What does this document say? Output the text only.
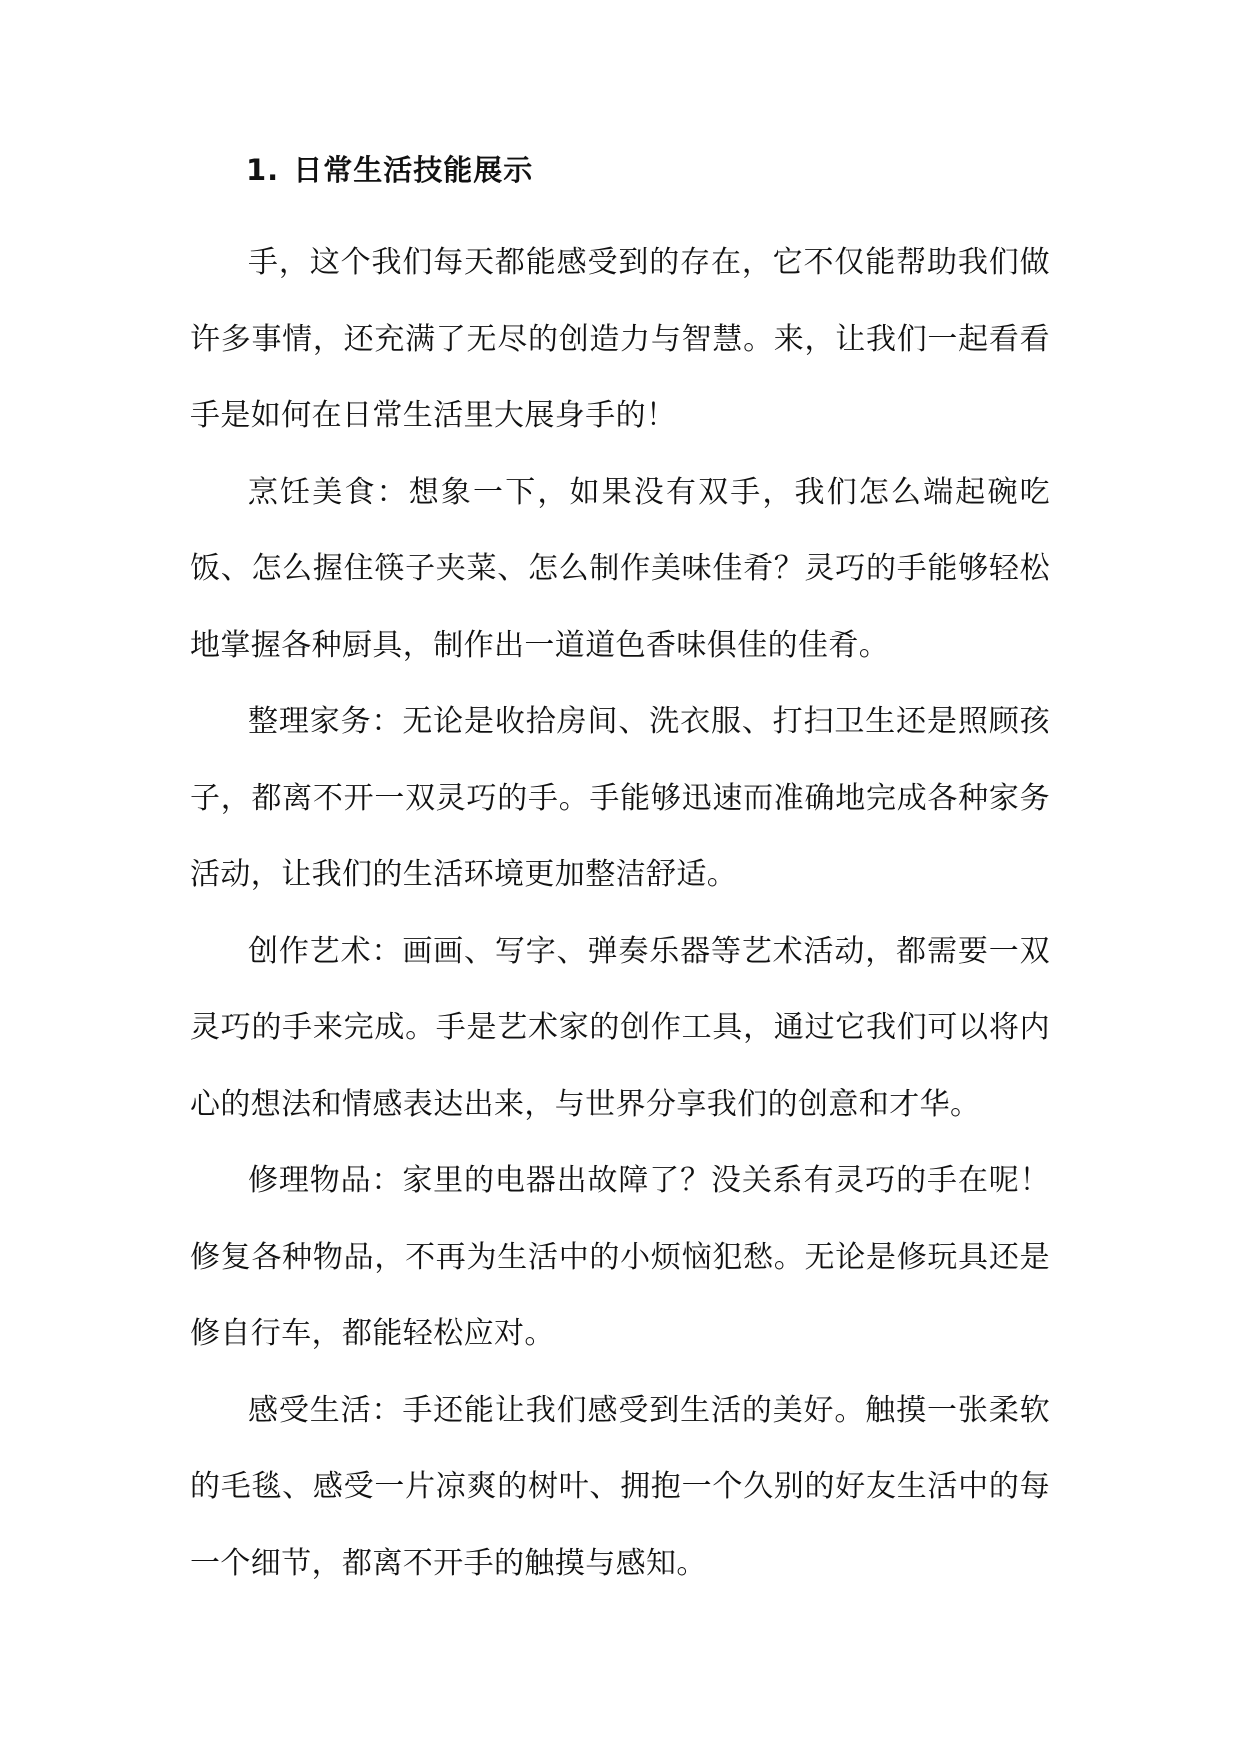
1. 日常生活技能展示

手，这个我们每天都能感受到的存在，它不仅能帮助我们做许多事情，还充满了无尽的创造力与智慧。来，让我们一起看看手是如何在日常生活里大展身手的！

烹饪美食：想象一下，如果没有双手，我们怎么端起碗吃饭、怎么握住筷子夹菜、怎么制作美味佳肴？灵巧的手能够轻松地掌握各种厨具，制作出一道道色香味俱佳的佳肴。

整理家务：无论是收拾房间、洗衣服、打扫卫生还是照顾孩子，都离不开一双灵巧的手。手能够迅速而准确地完成各种家务活动，让我们的生活环境更加整洁舒适。

创作艺术：画画、写字、弹奏乐器等艺术活动，都需要一双灵巧的手来完成。手是艺术家的创作工具，通过它我们可以将内心的想法和情感表达出来，与世界分享我们的创意和才华。

修理物品：家里的电器出故障了？没关系有灵巧的手在呢！修复各种物品，不再为生活中的小烦恼犯愁。无论是修玩具还是修自行车，都能轻松应对。

感受生活：手还能让我们感受到生活的美好。触摸一张柔软的毛毯、感受一片凉爽的树叶、拥抱一个久别的好友生活中的每一个细节，都离不开手的触摸与感知。
